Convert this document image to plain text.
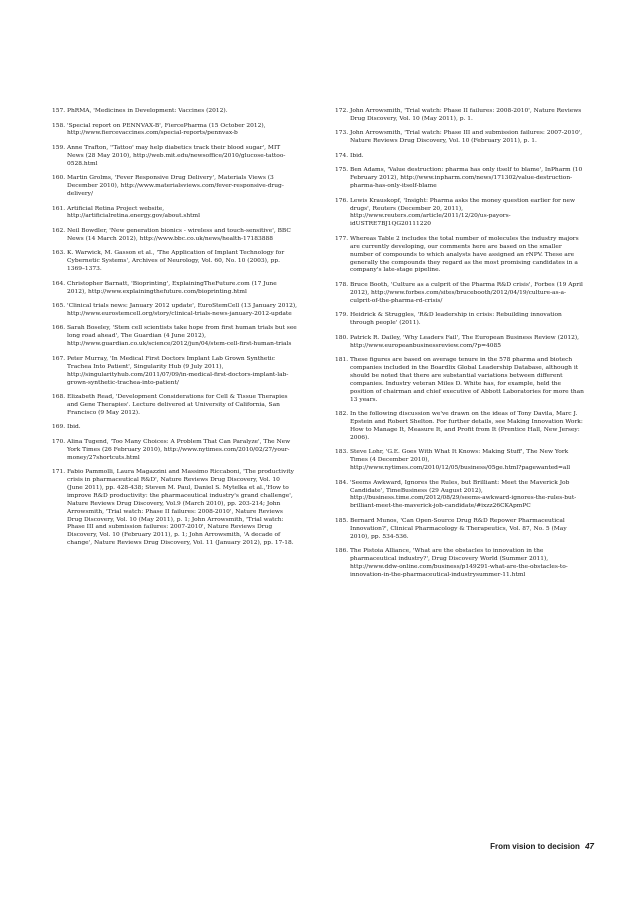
157. PhRMA, 'Medicines in Development: Vaccines (2012).
158. 'Special report on PENNVAX-B', FiercePharma (15 October 2012), http://www.fiercevaccines.com/special-reports/pennvax-b
159. Anne Trafton, ''Tattoo' may help diabetics track their blood sugar', MIT News (28 May 2010), http://web.mit.edu/newsoffice/2010/glucose-tattoo-0528.html
160. Martin Grolms, 'Fever Responsive Drug Delivery', Materials Views (3 December 2010), http://www.materialsviews.com/fever-responsive-drug-delivery/
161. Artificial Retina Project website, http://artificialretina.energy.gov/about.shtml
162. Neil Bowdler, 'New generation bionics - wireless and touch-sensitive', BBC News (14 March 2012), http://www.bbc.co.uk/news/health-17183888
163. K. Warwick, M. Gasson et al., 'The Application of Implant Technology for Cybernetic Systems', Archives of Neurology, Vol. 60, No. 10 (2003), pp. 1369–1373.
164. Christopher Barnatt, 'Bioprinting', ExplainingTheFuture.com (17 June 2012), http://www.explainingthefuture.com/bioprinting.html
165. 'Clinical trials news: January 2012 update', EuroStemCell (13 January 2012), http://www.eurostemcell.org/story/clinical-trials-news-january-2012-update
166. Sarah Boseley, 'Stem cell scientists take hope from first human trials but see long road ahead', The Guardian (4 June 2012), http://www.guardian.co.uk/science/2012/jun/04/stem-cell-first-human-trials
167. Peter Murray, 'In Medical First Doctors Implant Lab Grown Synthetic Trachea Into Patient', Singularity Hub (9 July 2011), http://singularityhub.com/2011/07/09/in-medical-first-doctors-implant-lab-grown-synthetic-trachea-into-patient/
168. Elizabeth Read, 'Development Considerations for Cell & Tissue Therapies and Gene Therapies'. Lecture delivered at University of California, San Francisco (9 May 2012).
169. Ibid.
170. Alina Tugend, 'Too Many Choices: A Problem That Can Paralyze', The New York Times (26 February 2010), http://www.nytimes.com/2010/02/27/your-money/27shortcuts.html
171. Fabio Pammolli, Laura Magazzini and Massimo Riccaboni, 'The productivity crisis in pharmaceutical R&D', Nature Reviews Drug Discovery, Vol. 10 (June 2011), pp. 428-438; Steven M. Paul, Daniel S. Mytelka et al.,'How to improve R&D productivity: the pharmaceutical industry's grand challenge', Nature Reviews Drug Discovery, Vol.9 (March 2010), pp. 203-214; John Arrowsmith, 'Trial watch: Phase II failures: 2008-2010', Nature Reviews Drug Discovery, Vol. 10 (May 2011), p. 1; John Arrowsmith, 'Trial watch: Phase III and submission failures: 2007-2010', Nature Reviews Drug Discovery, Vol. 10 (February 2011), p. 1; John Arrowsmith, 'A decade of change', Nature Reviews Drug Discovery, Vol. 11 (January 2012), pp. 17-18.
172. John Arrowsmith, 'Trial watch: Phase II failures: 2008-2010', Nature Reviews Drug Discovery, Vol. 10 (May 2011), p. 1.
173. John Arrowsmith, 'Trial watch: Phase III and submission failures: 2007-2010', Nature Reviews Drug Discovery, Vol. 10 (February 2011), p. 1.
174. Ibid.
175. Ben Adams, 'Value destruction: pharma has only itself to blame', InPharm (10 February 2012), http://www.inpharm.com/news/171302/value-destruction-pharma-has-only-itself-blame
176. Lewis Krauskopf, 'Insight: Pharma asks the money question earlier for new drugs', Reuters (December 20, 2011), http://www.reuters.com/article/2011/12/20/us-payors-idUSTRE7BJ1QG20111220
177. Whereas Table 2 includes the total number of molecules the industry majors are currently developing, our comments here are based on the smaller number of compounds to which analysts have assigned an rNPV. These are generally the compounds they regard as the most promising candidates in a company's late-stage pipeline.
178. Bruce Booth, 'Culture as a culprit of the Pharma R&D crisis', Forbes (19 April 2012), http://www.forbes.com/sites/brucebooth/2012/04/19/culture-as-a-culprit-of-the-pharma-rd-crisis/
179. Heidrick & Struggles, 'R&D leadership in crisis: Rebuilding innovation through people' (2011).
180. Patrick R. Dailey, 'Why Leaders Fail', The European Business Review (2012), http://www.europeanbusinessreview.com/?p=4085
181. These figures are based on average tenure in the 578 pharma and biotech companies included in the Boardlix Global Leadership Database, although it should be noted that there are substantial variations between different companies. Industry veteran Miles D. White has, for example, held the position of chairman and chief executive of Abbott Laboratories for more than 13 years.
182. In the following discussion we've drawn on the ideas of Tony Davila, Marc J. Epstein and Robert Shelton. For further details, see Making Innovation Work: How to Manage It, Measure It, and Profit from It (Prentice Hall, New Jersey: 2006).
183. Steve Lohr, 'G.E. Goes With What It Knows: Making Stuff', The New York Times (4 December 2010), http://www.nytimes.com/2010/12/05/business/05ge.html?pagewanted=all
184. 'Seems Awkward, Ignores the Rules, but Brilliant: Meet the Maverick Job Candidate', TimeBusiness (29 August 2012), http://business.time.com/2012/08/29/seems-awkward-ignores-the-rules-but-brilliant-meet-the-maverick-job-candidate/#ixzz26CKApmPC
185. Bernard Munos, 'Can Open-Source Drug R&D Repower Pharmaceutical Innovation?', Clinical Pharmacology & Therapeutics, Vol. 87, No. 5 (May 2010), pp. 534-536.
186. The Pistoia Alliance, 'What are the obstacles to innovation in the pharmaceutical industry?', Drug Discovery World (Summer 2011), http://www.ddw-online.com/business/p149291-what-are-the-obstacles-to-innovation-in-the-pharmaceutical-industrysummer-11.html
From vision to decision 47
